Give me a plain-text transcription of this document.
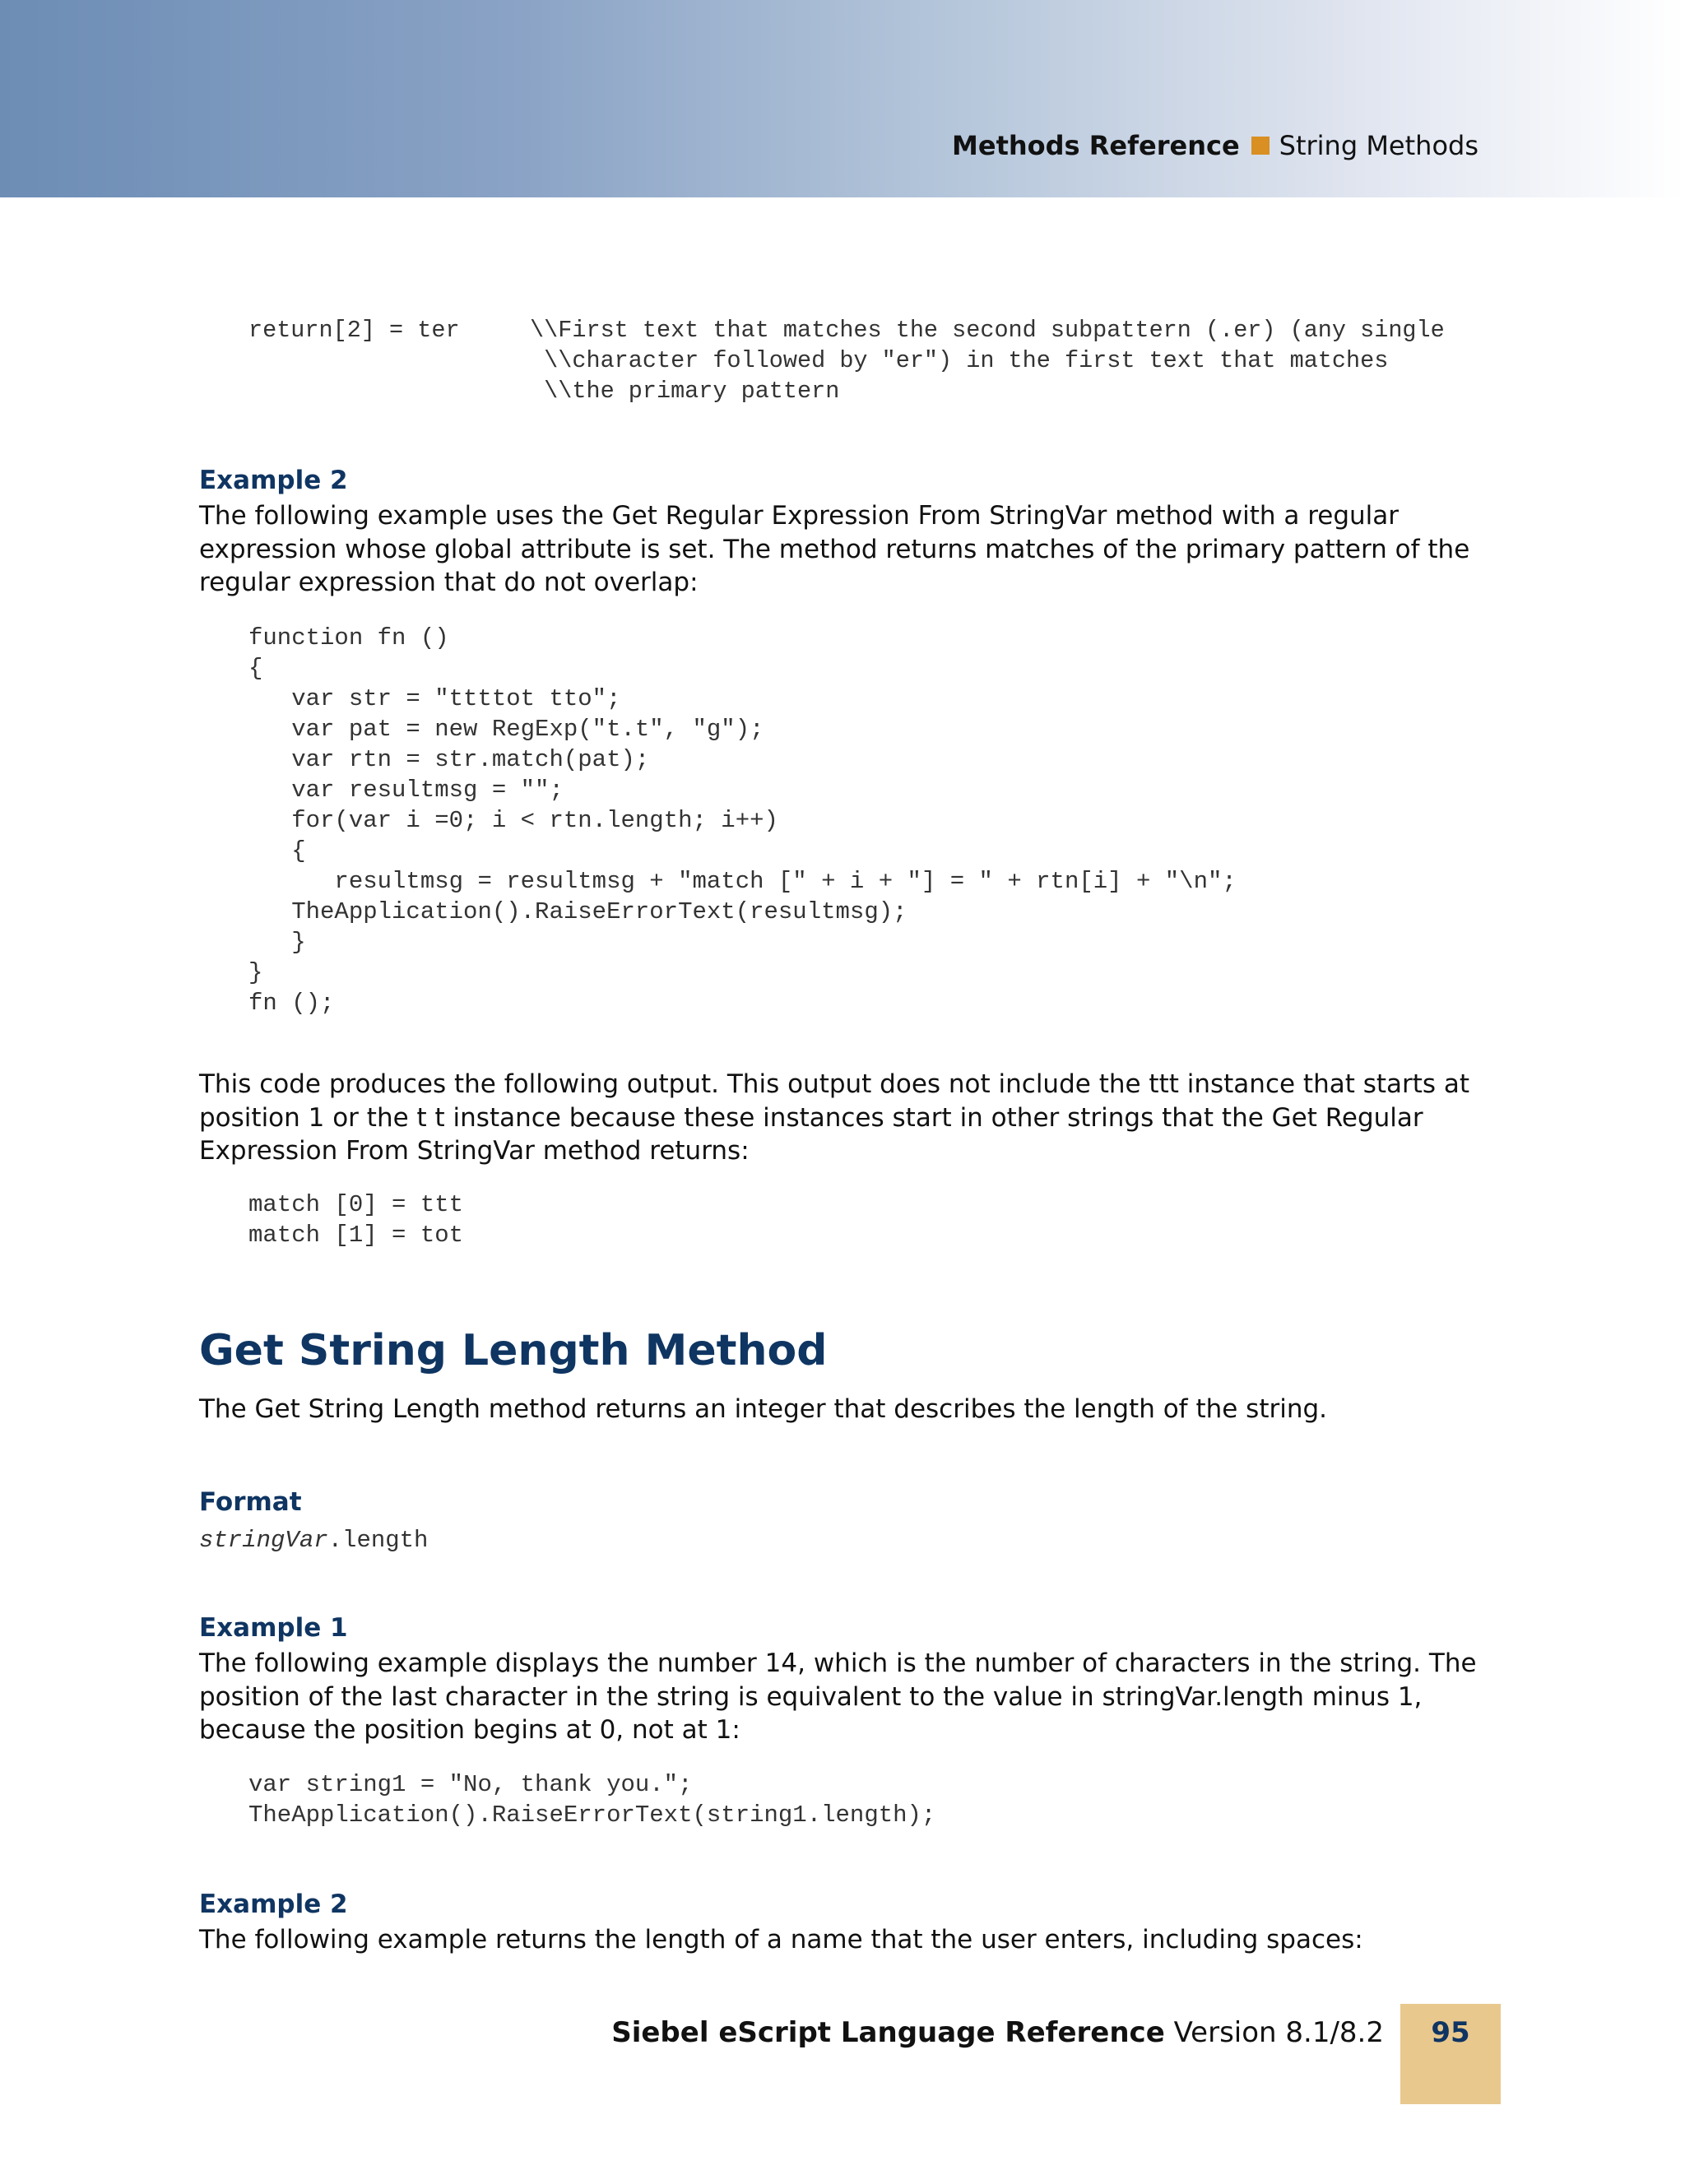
Methods Reference String Methods
return[2] = ter     \\First text that matches the second subpattern (.er) (any single
\\character followed by "er") in the first text that matches
\\the primary pattern
Example 2

The following example uses the Get Regular Expression From StringVar method with a regular expression whose global attribute is set. The method returns matches of the primary pattern of the regular expression that do not overlap:

function fn ()
{
var str = "ttttot tto";
var pat = new RegExp("t.t", "g");
var rtn = str.match(pat);
var resultmsg = "";
for(var i =0; i < rtn.length; i++)
{
resultmsg = resultmsg + "match [" + i + "] = " + rtn[i] + "\n";
TheApplication().RaiseErrorText(resultmsg);
}
}
fn ();

This code produces the following output. This output does not include the ttt instance that starts at position 1 or the t t instance because these instances start in other strings that the Get Regular Expression From StringVar method returns:

match [0] = ttt
match [1] = tot
Get String Length Method

The Get String Length method returns an integer that describes the length of the string.

Format

stringVar.length

Example 1

The following example displays the number 14, which is the number of characters in the string. The position of the last character in the string is equivalent to the value in stringVar.length minus 1, because the position begins at 0, not at 1:

var string1 = "No, thank you.";
TheApplication().RaiseErrorText(string1.length);
Example 2

The following example returns the length of a name that the user enters, including spaces:

Siebel eScript Language Reference Version 8.1/8.2	95
